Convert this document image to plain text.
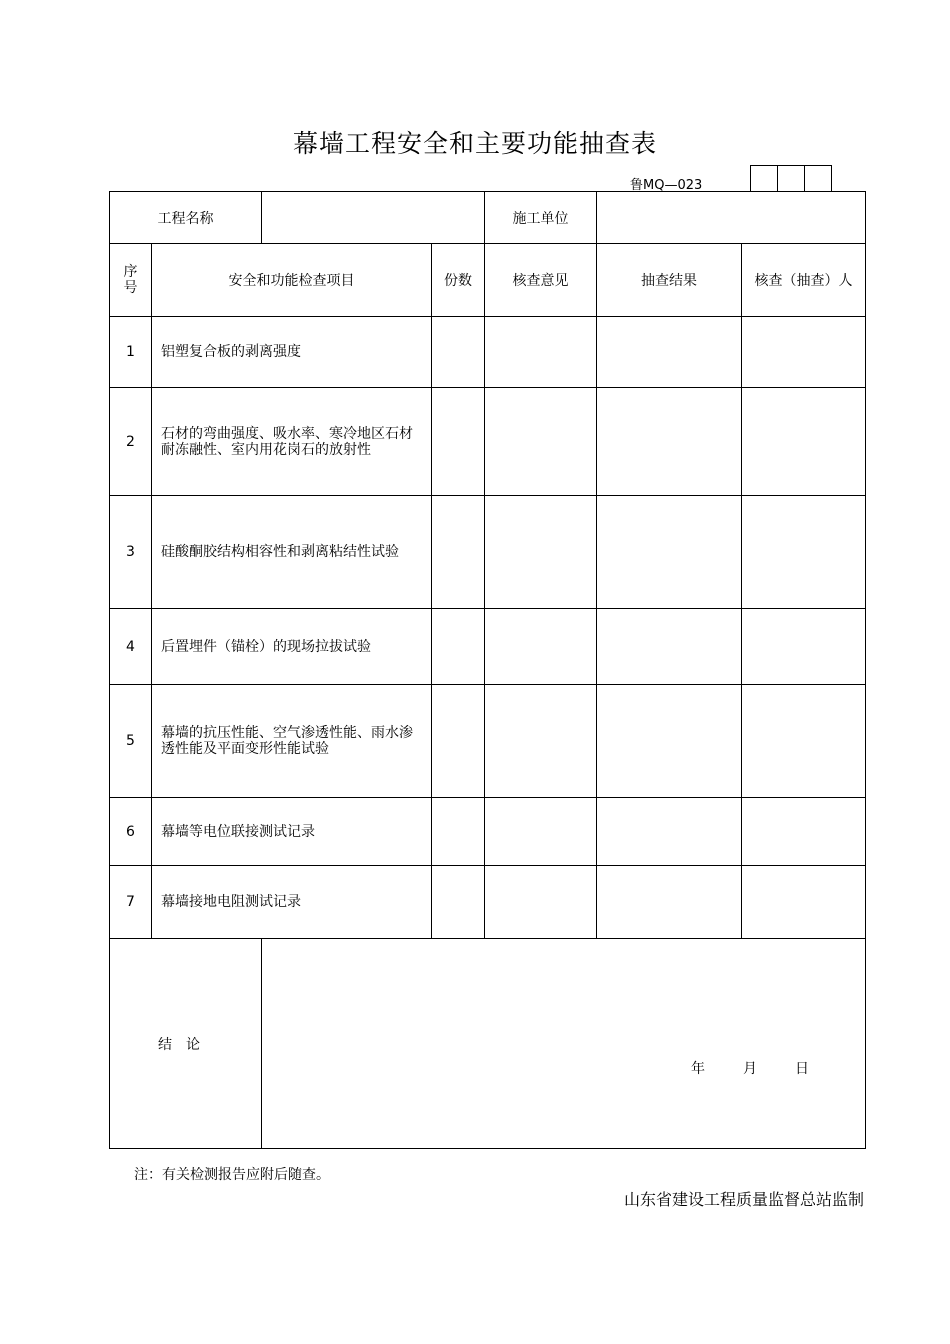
幕墙工程安全和主要功能抽查表
鲁MQ—023
工程名称				施工单位		
序
号	安全和功能检查项目		份数	核查意见	抽查结果	核查（抽查）人
1	铝塑复合板的剥离强度					
2	石材的弯曲强度、吸水率、寒冷地区石材耐冻融性、室内用花岗石的放射性					
3	硅酸酮胶结构相容性和剥离粘结性试验					
4	后置埋件（锚栓）的现场拉拔试验					
5	幕墙的抗压性能、空气渗透性能、雨水渗透性能及平面变形性能试验					
6	幕墙等电位联接测试记录					
7	幕墙接地电阻测试记录					
结　论		年 月 日				
注：有关检测报告应附后随查。
山东省建设工程质量监督总站监制
